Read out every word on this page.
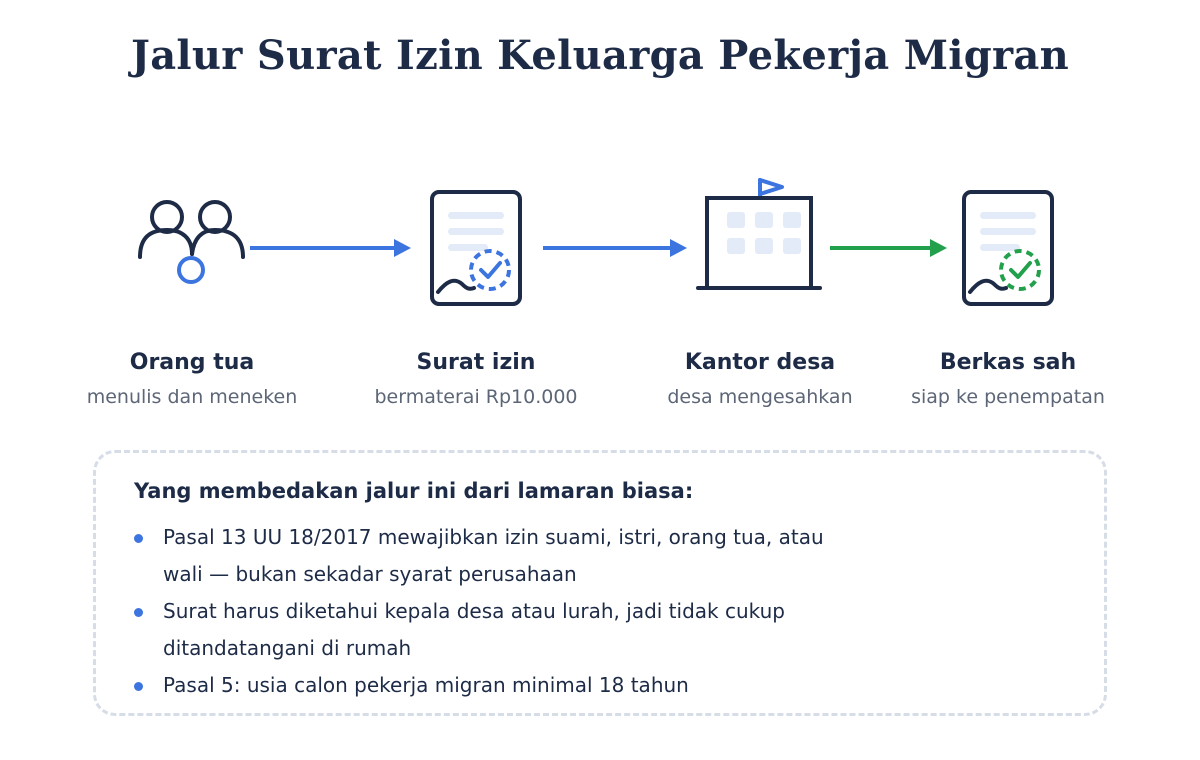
Jalur Surat Izin Keluarga Pekerja Migran
Orang tua
menulis dan meneken
Surat izin
bermaterai Rp10.000
Kantor desa
desa mengesahkan
Berkas sah
siap ke penempatan
Yang membedakan jalur ini dari lamaran biasa:
Pasal 13 UU 18/2017 mewajibkan izin suami, istri, orang tua, atau wali — bukan sekadar syarat perusahaan
Surat harus diketahui kepala desa atau lurah, jadi tidak cukup ditandatangani di rumah
Pasal 5: usia calon pekerja migran minimal 18 tahun
